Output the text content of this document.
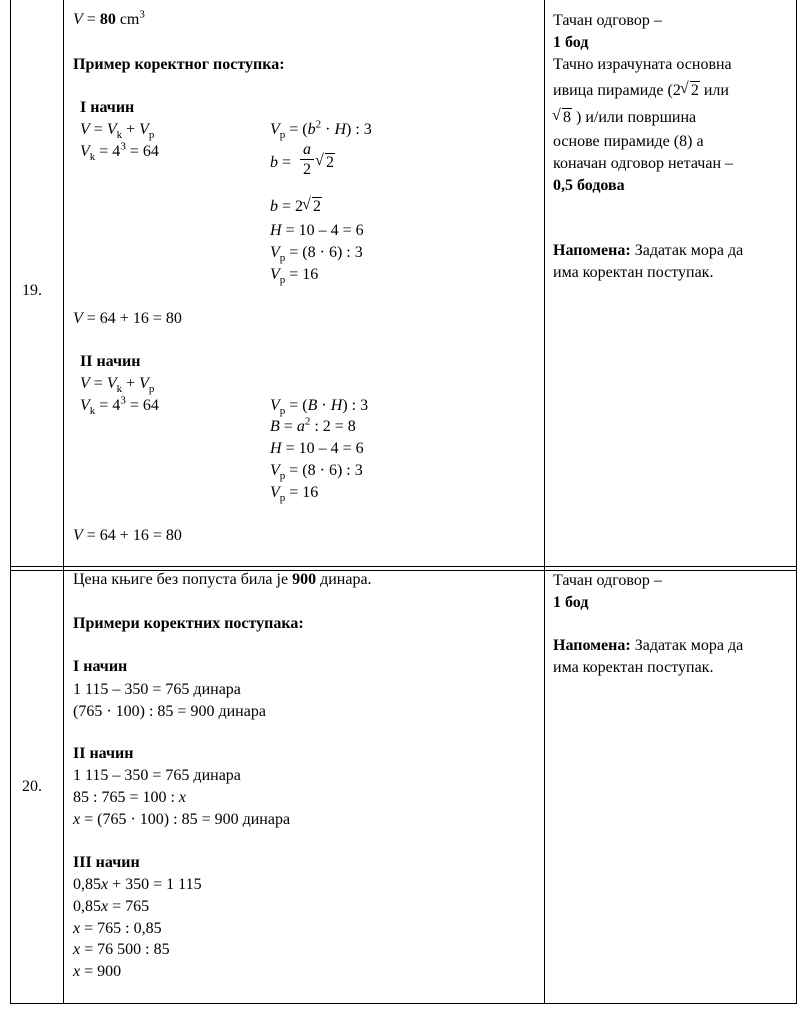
19.
V = 80 $cm^3$
Пример коректног поступка:
I начин
$V = V_k + V_p$
$V_k = 4^3 = 64$
$V_p = (b^2 \cdot H)$ : 3
$b = \frac{a}{2}$ √ 2
b = 2 √ 2
H = 10 – 4 = 6
$V_p = (8 \cdot 6)$ : 3
$V_p = 16$
V = 64 + 16 = 80
II начин
$V = V_k + V_p$
$V_k = 4^3 = 64$	$V_p = (B \cdot H)$ : 3
$B = a^2$ : 2 = 8
H = 10 – 4 = 6
$V_p = (8 \cdot 6)$ : 3
$V_p = 16$
V = 64 + 16 = 80
Тачан одговор –
1 бод
Тачно израчуната основна
ивица пирамиде (2 √ 2 или
√ 8 ) и/или површина
основе пирамиде (8) а
коначан одговор нетачан –
0,5 бодова
Напомена: Задатак мора да
има коректан поступак.
20.
Цена књиге без попуста била је 900 динара.
Примери коректних поступака:
I начин
1 115 – 350 = 765 динара
(765 · 100) : 85 = 900 динара
II начин
1 115 – 350 = 765 динара
85 : 765 = 100 : x
x = (765 · 100) : 85 = 900 динара
III начин
0,85x + 350 = 1 115
0,85x = 765
x = 765 : 0,85
x = 76 500 : 85
x = 900
Тачан одговор –
1 бод
Напомена: Задатак мора да
има коректан поступак.
